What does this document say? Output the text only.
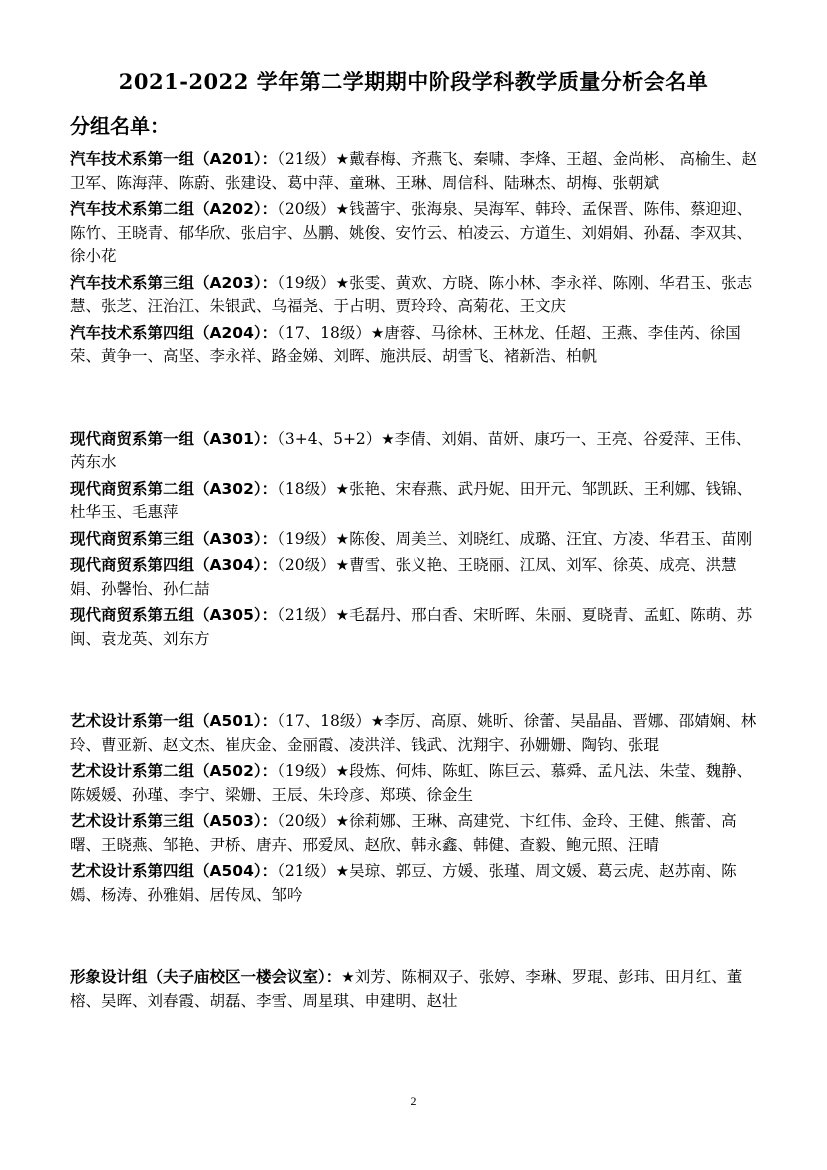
2021-2022 学年第二学期期中阶段学科教学质量分析会名单
分组名单：

汽车技术系第一组（A201）：（21级）★戴春梅、齐燕飞、秦啸、李烽、王超、金尚彬、 高榆生、赵卫军、陈海萍、陈蔚、张建设、葛中萍、童琳、王琳、周信科、陆琳杰、胡梅、张朝斌

汽车技术系第二组（A202）：（20级）★钱蔷宇、张海泉、吴海军、韩玲、孟保晋、陈伟、蔡迎迎、陈竹、王晓青、郁华欣、张启宇、丛鹏、姚俊、安竹云、柏凌云、方道生、刘娟娟、孙磊、李双其、徐小花

汽车技术系第三组（A203）：（19级）★张雯、黄欢、方晓、陈小林、李永祥、陈刚、华君玉、张志慧、张芝、汪治江、朱银武、乌福尧、于占明、贾玲玲、高菊花、王文庆

汽车技术系第四组（A204）：（17、18级）★唐蓉、马徐林、王林龙、任超、王燕、李佳芮、徐国荣、黄争一、高坚、李永祥、路金娣、刘晖、施洪辰、胡雪飞、褚新浩、柏帆

现代商贸系第一组（A301）：（3+4、5+2）★李倩、刘娟、苗妍、康巧一、王亮、谷爱萍、王伟、芮东水

现代商贸系第二组（A302）：（18级）★张艳、宋春燕、武丹妮、田开元、邹凯跃、王利娜、钱锦、杜华玉、毛惠萍

现代商贸系第三组（A303）：（19级）★陈俊、周美兰、刘晓红、成璐、汪宜、方凌、华君玉、苗刚

现代商贸系第四组（A304）：（20级）★曹雪、张义艳、王晓丽、江凤、刘军、徐英、成亮、洪慧娟、孙馨怡、孙仁喆

现代商贸系第五组（A305）：（21级）★毛磊丹、邢白香、宋昕晖、朱丽、夏晓青、孟虹、陈萌、苏闽、袁龙英、刘东方

艺术设计系第一组（A501）：（17、18级）★李厉、高原、姚昕、徐蕾、吴晶晶、晋娜、邵婧娴、林玲、曹亚新、赵文杰、崔庆金、金丽霞、凌洪洋、钱武、沈翔宇、孙姗姗、陶钧、张琨

艺术设计系第二组（A502）：（19级）★段炼、何炜、陈虹、陈巨云、慕舜、孟凡法、朱莹、魏静、陈媛媛、孙瑾、李宁、梁姗、王辰、朱玲彦、郑瑛、徐金生

艺术设计系第三组（A503）：（20级）★徐莉娜、王琳、高建党、卞红伟、金玲、王健、熊蕾、高曙、王晓燕、邹艳、尹桥、唐卉、邢爱凤、赵欣、韩永鑫、韩健、查毅、鲍元照、汪晴

艺术设计系第四组（A504）：（21级）★吴琼、郭豆、方媛、张瑾、周文媛、葛云虎、赵苏南、陈嫣、杨涛、孙雅娟、居传凤、邹吟

形象设计组（夫子庙校区一楼会议室）：★刘芳、陈桐双子、张婷、李琳、罗琨、彭玮、田月红、董榕、吴晖、刘春霞、胡磊、李雪、周星琪、申建明、赵壮

2
